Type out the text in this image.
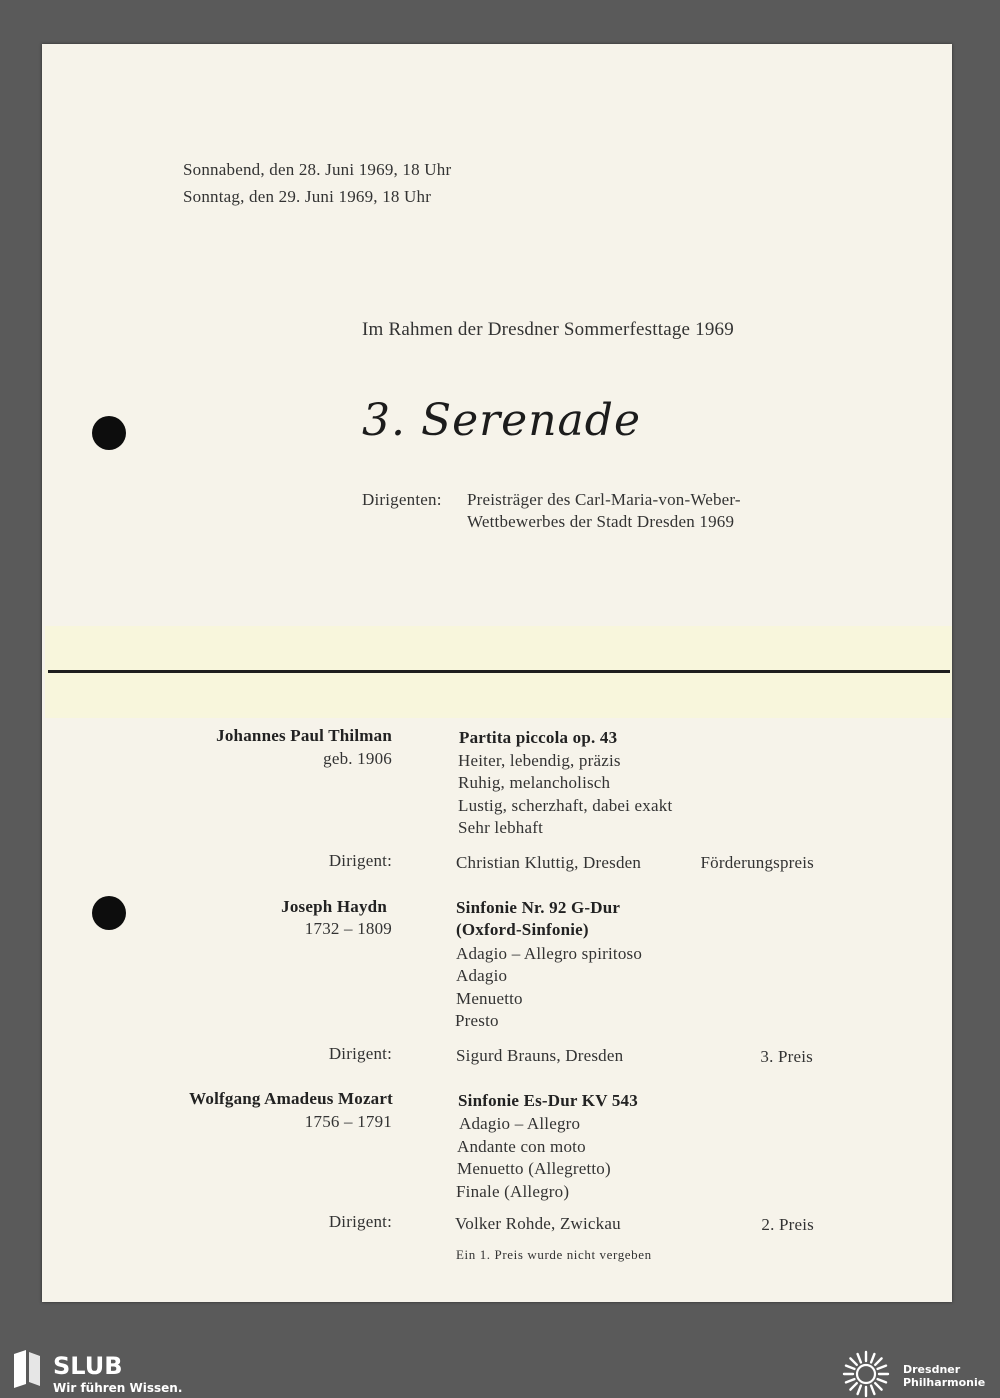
Sonnabend, den 28. Juni 1969, 18 Uhr
Sonntag, den 29. Juni 1969, 18 Uhr
Im Rahmen der Dresdner Sommerfesttage 1969
3. Serenade
Dirigenten: Preisträger des Carl-Maria-von-Weber-
Wettbewerbes der Stadt Dresden 1969
Johannes Paul Thilman
geb. 1906
Partita piccola op. 43
Heiter, lebendig, präzis
Ruhig, melancholisch
Lustig, scherzhaft, dabei exakt
Sehr lebhaft
Dirigent:	Christian Kluttig, Dresden	Förderungspreis
Joseph Haydn
1732 – 1809
Sinfonie Nr. 92 G-Dur
(Oxford-Sinfonie)
Adagio – Allegro spiritoso
Adagio
Menuetto
Presto
Dirigent:	Sigurd Brauns, Dresden	3. Preis
Wolfgang Amadeus Mozart
1756 – 1791
Sinfonie Es-Dur KV 543
Adagio – Allegro
Andante con moto
Menuetto (Allegretto)
Finale (Allegro)
Dirigent:	Volker Rohde, Zwickau	2. Preis
Ein 1. Preis wurde nicht vergeben
SLUB
Wir führen Wissen.
Dresdner
Philharmonie
